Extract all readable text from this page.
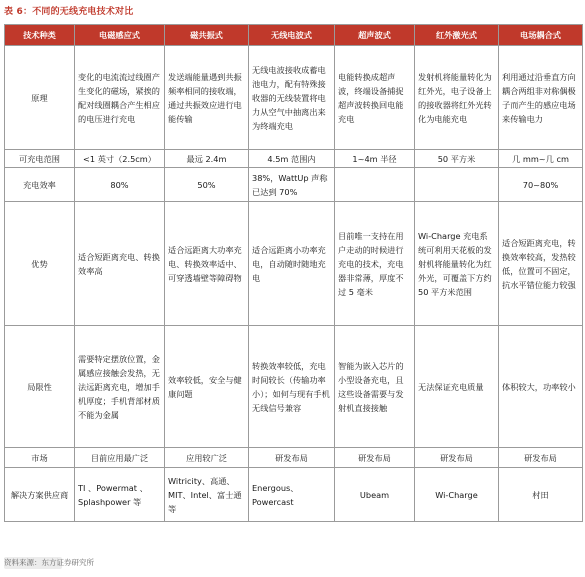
表 6：不同的无线充电技术对比
技术种类	电磁感应式	磁共振式	无线电波式	超声波式	红外激光式	电场耦合式
原理	变化的电流流过线圈产生变化的磁场，紧挨的配对线圈耦合产生相应的电压进行充电	发送端能量遇到共振频率相同的接收端，通过共振效应进行电能传输	无线电波接收成蓄电池电力，配有特殊接收器的无线装置将电力从空气中抽离出来为终端充电	电能转换成超声波，终端设备捕捉超声波转换回电能充电	发射机将能量转化为红外光，电子设备上的接收器将红外光转化为电能充电	利用通过沿垂直方向耦合两组非对称偶极子而产生的感应电场来传输电力
可充电范围	<1 英寸（2.5cm）	最远 2.4m	4.5m 范围内	1~4m 半径	50 平方米	几 mm~几 cm
充电效率	80%	50%	38%，WattUp 声称已达到 70%			70~80%
优势	适合短距离充电、转换效率高	适合远距离大功率充电、转换效率适中、可穿透墙壁等障碍物	适合远距离小功率充电，自动随时随地充电	目前唯一支持在用户走动的时候进行充电的技术，充电器非常薄，厚度不过 5 毫米	Wi-Charge 充电系统可利用天花板的发射机将能量转化为红外光，可覆盖下方约 50 平方米范围	适合短距离充电，转换效率较高，发热较低，位置可不固定，抗水平错位能力较强
局限性	需要特定摆放位置，金属感应接触会发热，无法远距离充电，增加手机厚度；手机背部材质不能为金属	效率较低，安全与健康问题	转换效率较低，充电时间较长（传输功率小）；如何与现有手机无线信号兼容	智能为嵌入芯片的小型设备充电，且这些设备需要与发射机直接接触	无法保证充电质量	体积较大，功率较小
市场	目前应用最广泛	应用较广泛	研发布局	研发布局	研发布局	研发布局
解决方案供应商	TI 、Powermat 、Splashpower 等	Witricity、高通、MIT、Intel、富士通等	Energous、Powercast	Ubeam	Wi-Charge	村田
资料来源：东方证券研究所
